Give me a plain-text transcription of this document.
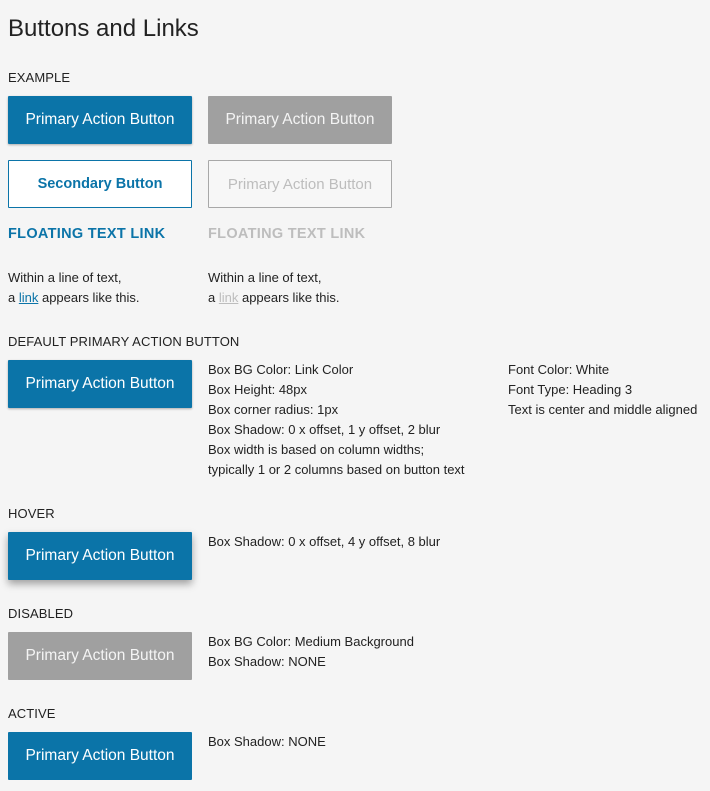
Buttons and Links
EXAMPLE
Primary Action Button	Primary Action Button
Secondary Button	Primary Action Button
FLOATING TEXT LINK	FLOATING TEXT LINK
Within a line of text,
a link appears like this.
Within a line of text,
a link appears like this.
DEFAULT PRIMARY ACTION BUTTON
Primary Action Button
Box BG Color: Link Color
Box Height: 48px
Box corner radius: 1px
Box Shadow: 0 x offset, 1 y offset, 2 blur
Box width is based on column widths;
typically 1 or 2 columns based on button text
Font Color: White
Font Type: Heading 3
Text is center and middle aligned
HOVER
Primary Action Button
Box Shadow: 0 x offset, 4 y offset, 8 blur
DISABLED
Primary Action Button
Box BG Color: Medium Background
Box Shadow: NONE
ACTIVE
Primary Action Button
Box Shadow: NONE
